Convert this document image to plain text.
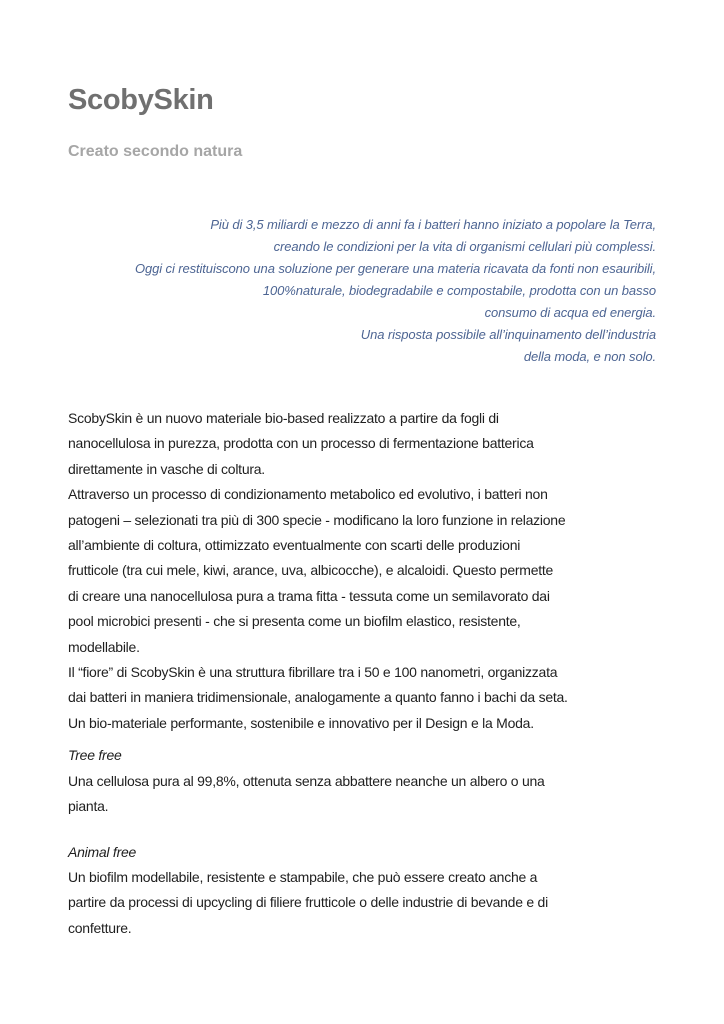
ScobySkin

Creato secondo natura

Più di 3,5 miliardi e mezzo di anni fa i batteri hanno iniziato a popolare la Terra,
creando le condizioni per la vita di organismi cellulari più complessi.
Oggi ci restituiscono una soluzione per generare una materia ricavata da fonti non esauribili,
100%naturale, biodegradabile e compostabile, prodotta con un basso
consumo di acqua ed energia.
Una risposta possibile all’inquinamento dell’industria
della moda, e non solo.
ScobySkin è un nuovo materiale bio-based realizzato a partire da fogli di
nanocellulosa in purezza, prodotta con un processo di fermentazione batterica
direttamente in vasche di coltura.
Attraverso un processo di condizionamento metabolico ed evolutivo, i batteri non
patogeni – selezionati tra più di 300 specie - modificano la loro funzione in relazione
all’ambiente di coltura, ottimizzato eventualmente con scarti delle produzioni
frutticole (tra cui mele, kiwi, arance, uva, albicocche), e alcaloidi. Questo permette
di creare una nanocellulosa pura a trama fitta - tessuta come un semilavorato dai
pool microbici presenti - che si presenta come un biofilm elastico, resistente,
modellabile.
Il “fiore” di ScobySkin è una struttura fibrillare tra i 50 e 100 nanometri, organizzata
dai batteri in maniera tridimensionale, analogamente a quanto fanno i bachi da seta.
Un bio-materiale performante, sostenibile e innovativo per il Design e la Moda.
Tree free
Una cellulosa pura al 99,8%, ottenuta senza abbattere neanche un albero o una
pianta.
Animal free
Un biofilm modellabile, resistente e stampabile, che può essere creato anche a
partire da processi di upcycling di filiere frutticole o delle industrie di bevande e di
confetture.
